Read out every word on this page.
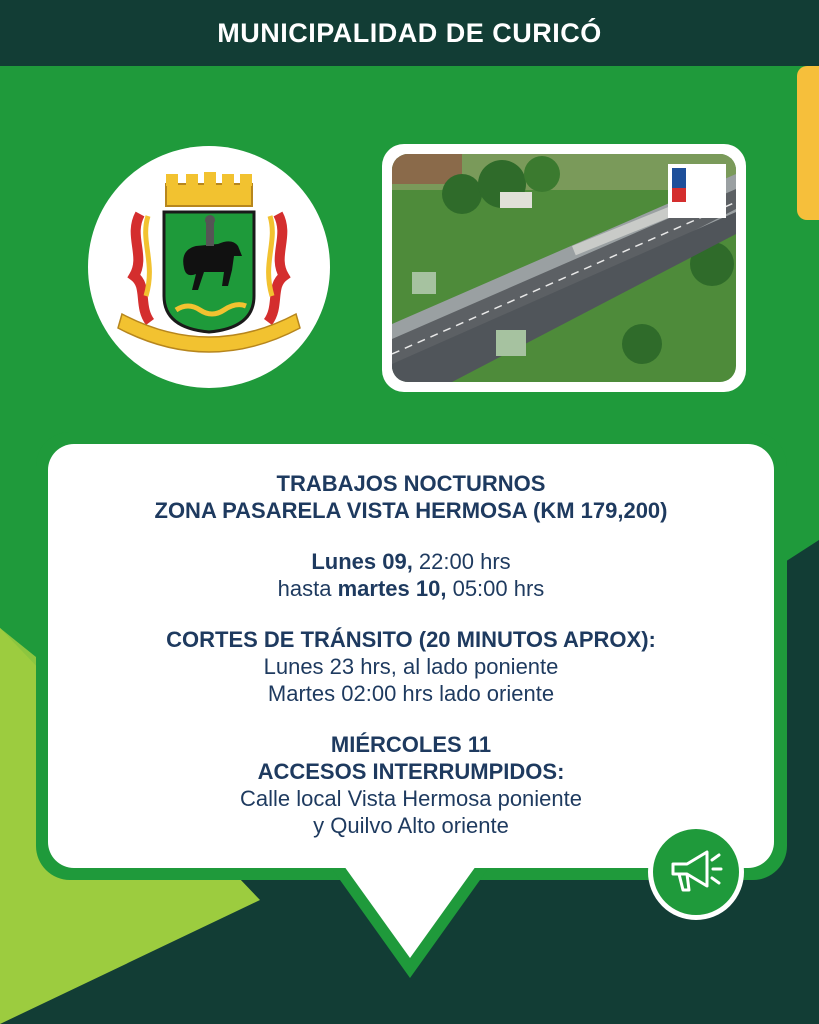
MUNICIPALIDAD DE CURICÓ
TRABAJOS NOCTURNOS
ZONA PASARELA VISTA HERMOSA (KM 179,200)
Lunes 09, 22:00 hrs
hasta martes 10, 05:00 hrs
CORTES DE TRÁNSITO (20 MINUTOS APROX):
Lunes 23 hrs, al lado poniente
Martes 02:00 hrs lado oriente
MIÉRCOLES 11
ACCESOS INTERRUMPIDOS:
Calle local Vista Hermosa poniente
y Quilvo Alto oriente
